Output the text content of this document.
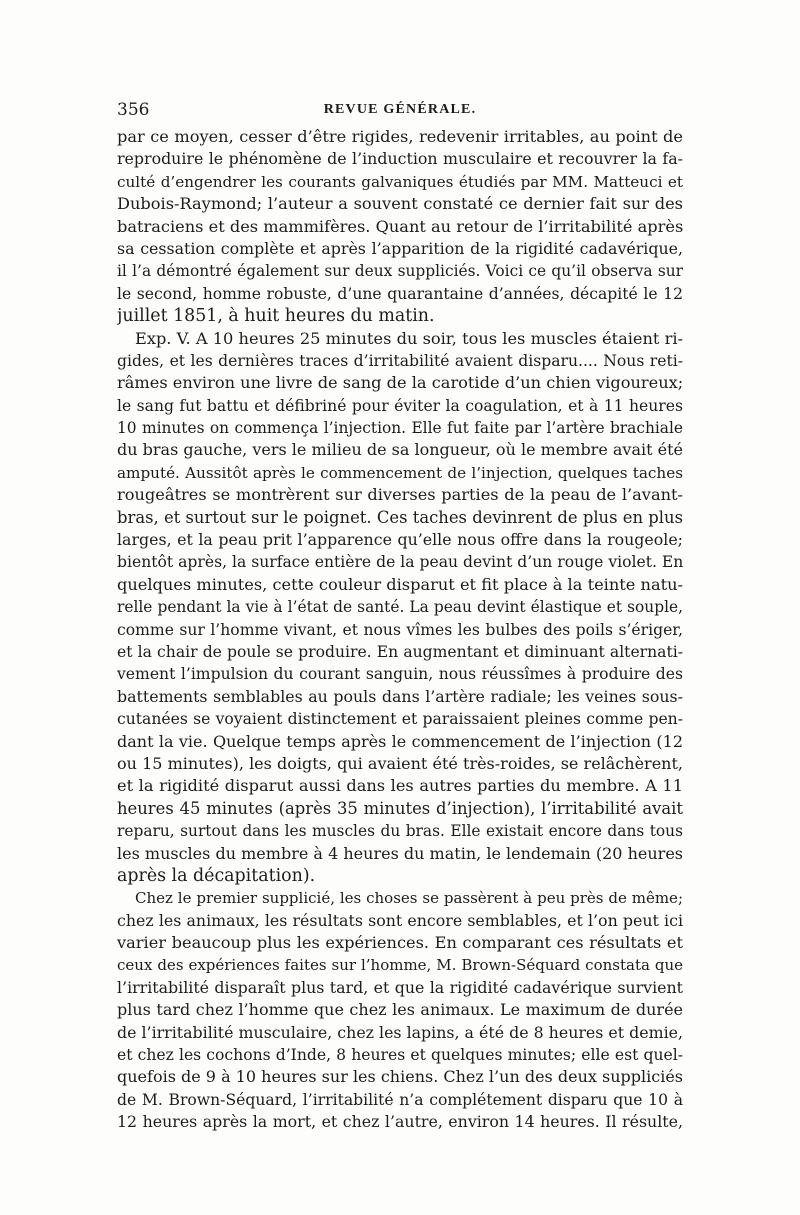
356	REVUE GÉNÉRALE.
par ce moyen, cesser d’être rigides, redevenir irritables, au point de
reproduire le phénomène de l’induction musculaire et recouvrer la fa-
culté d’engendrer les courants galvaniques étudiés par MM. Matteuci et
Dubois-Raymond; l’auteur a souvent constaté ce dernier fait sur des
batraciens et des mammifères. Quant au retour de l’irritabilité après
sa cessation complète et après l’apparition de la rigidité cadavérique,
il l’a démontré également sur deux suppliciés. Voici ce qu’il observa sur
le second, homme robuste, d’une quarantaine d’années, décapité le 12
juillet 1851, à huit heures du matin.
Exp. V. A 10 heures 25 minutes du soir, tous les muscles étaient ri-
gides, et les dernières traces d’irritabilité avaient disparu.... Nous reti-
râmes environ une livre de sang de la carotide d’un chien vigoureux;
le sang fut battu et défibriné pour éviter la coagulation, et à 11 heures
10 minutes on commença l’injection. Elle fut faite par l’artère brachiale
du bras gauche, vers le milieu de sa longueur, où le membre avait été
amputé. Aussitôt après le commencement de l’injection, quelques taches
rougeâtres se montrèrent sur diverses parties de la peau de l’avant-
bras, et surtout sur le poignet. Ces taches devinrent de plus en plus
larges, et la peau prit l’apparence qu’elle nous offre dans la rougeole;
bientôt après, la surface entière de la peau devint d’un rouge violet. En
quelques minutes, cette couleur disparut et fit place à la teinte natu-
relle pendant la vie à l’état de santé. La peau devint élastique et souple,
comme sur l’homme vivant, et nous vîmes les bulbes des poils s’ériger,
et la chair de poule se produire. En augmentant et diminuant alternati-
vement l’impulsion du courant sanguin, nous réussîmes à produire des
battements semblables au pouls dans l’artère radiale; les veines sous-
cutanées se voyaient distinctement et paraissaient pleines comme pen-
dant la vie. Quelque temps après le commencement de l’injection (12
ou 15 minutes), les doigts, qui avaient été très-roides, se relâchèrent,
et la rigidité disparut aussi dans les autres parties du membre. A 11
heures 45 minutes (après 35 minutes d’injection), l’irritabilité avait
reparu, surtout dans les muscles du bras. Elle existait encore dans tous
les muscles du membre à 4 heures du matin, le lendemain (20 heures
après la décapitation).
Chez le premier supplicié, les choses se passèrent à peu près de même;
chez les animaux, les résultats sont encore semblables, et l’on peut ici
varier beaucoup plus les expériences. En comparant ces résultats et
ceux des expériences faites sur l’homme, M. Brown-Séquard constata que
l’irritabilité disparaît plus tard, et que la rigidité cadavérique survient
plus tard chez l’homme que chez les animaux. Le maximum de durée
de l’irritabilité musculaire, chez les lapins, a été de 8 heures et demie,
et chez les cochons d’Inde, 8 heures et quelques minutes; elle est quel-
quefois de 9 à 10 heures sur les chiens. Chez l’un des deux suppliciés
de M. Brown-Séquard, l’irritabilité n’a complétement disparu que 10 à
12 heures après la mort, et chez l’autre, environ 14 heures. Il résulte,
